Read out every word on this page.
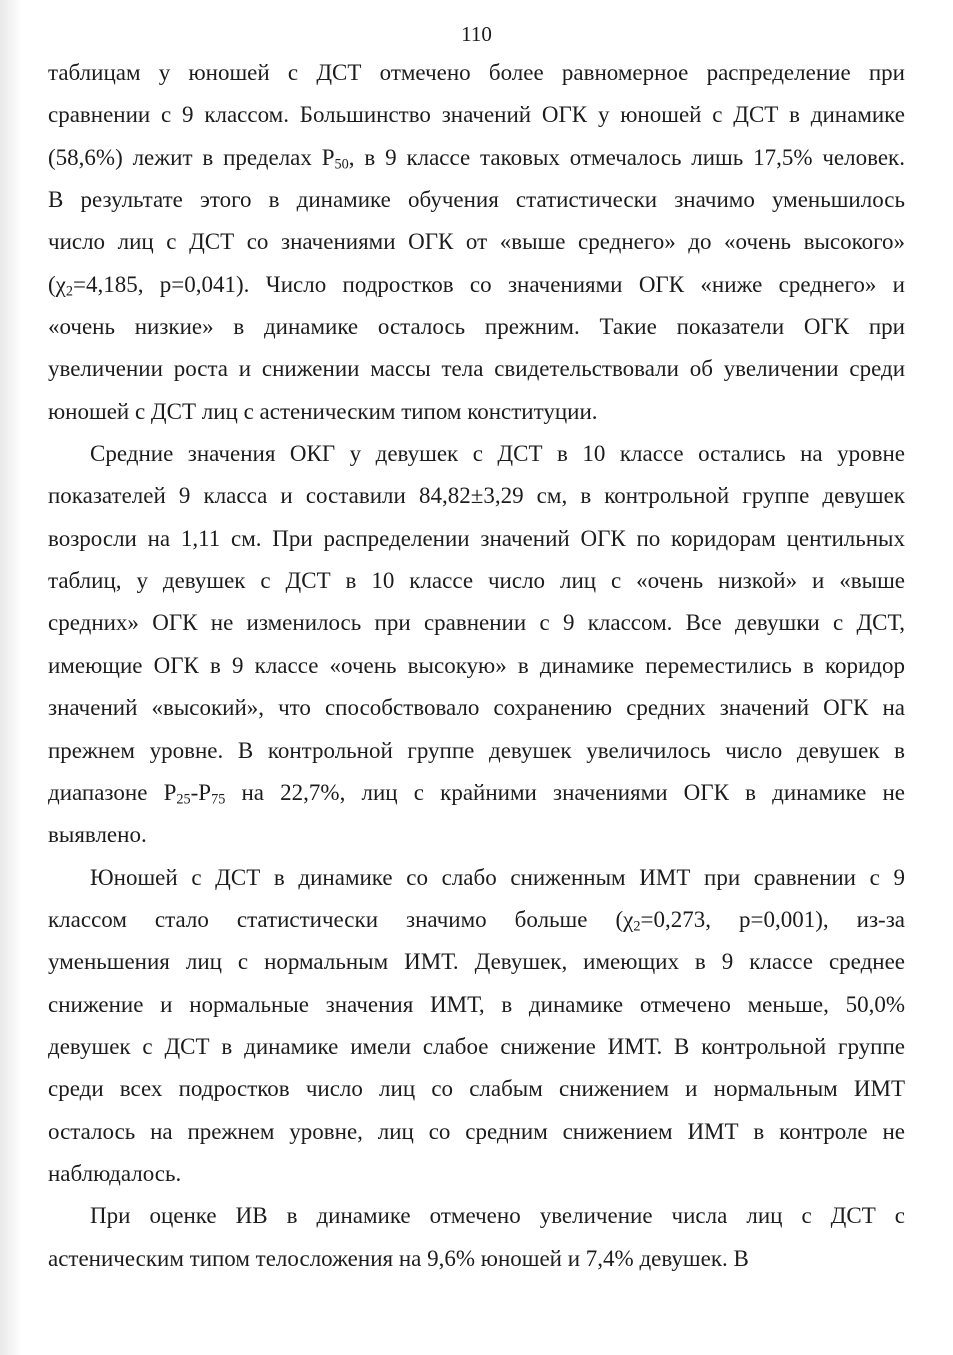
110
таблицам у юношей с ДСТ отмечено более равномерное распределение при
сравнении с 9 классом. Большинство значений ОГК у юношей с ДСТ в динамике
(58,6%) лежит в пределах $Р_{50}$, в 9 классе таковых отмечалось лишь 17,5% человек.
В результате этого в динамике обучения статистически значимо уменьшилось
число лиц с ДСТ со значениями ОГК от «выше среднего» до «очень высокого»
($\chi_2=4,185$, р=0,041). Число подростков со значениями ОГК «ниже среднего» и
«очень низкие» в динамике осталось прежним. Такие показатели ОГК при
увеличении роста и снижении массы тела свидетельствовали об увеличении среди
юношей с ДСТ лиц с астеническим типом конституции.
Средние значения ОКГ у девушек с ДСТ в 10 классе остались на уровне
показателей 9 класса и составили 84,82±3,29 см, в контрольной группе девушек
возросли на 1,11 см. При распределении значений ОГК по коридорам центильных
таблиц, у девушек с ДСТ в 10 классе число лиц с «очень низкой» и «выше
средних» ОГК не изменилось при сравнении с 9 классом. Все девушки с ДСТ,
имеющие ОГК в 9 классе «очень высокую» в динамике переместились в коридор
значений «высокий», что способствовало сохранению средних значений ОГК на
прежнем уровне. В контрольной группе девушек увеличилось число девушек в
диапазоне $Р_{25}-Р_{75}$ на 22,7%, лиц с крайними значениями ОГК в динамике не
выявлено.
Юношей с ДСТ в динамике со слабо сниженным ИМТ при сравнении с 9
классом стало статистически значимо больше ($\chi_2=0,273$, р=0,001), из-за
уменьшения лиц с нормальным ИМТ. Девушек, имеющих в 9 классе среднее
снижение и нормальные значения ИМТ, в динамике отмечено меньше, 50,0%
девушек с ДСТ в динамике имели слабое снижение ИМТ. В контрольной группе
среди всех подростков число лиц со слабым снижением и нормальным ИМТ
осталось на прежнем уровне, лиц со средним снижением ИМТ в контроле не
наблюдалось.
При оценке ИВ в динамике отмечено увеличение числа лиц с ДСТ с
астеническим типом телосложения на 9,6% юношей и 7,4% девушек. В
